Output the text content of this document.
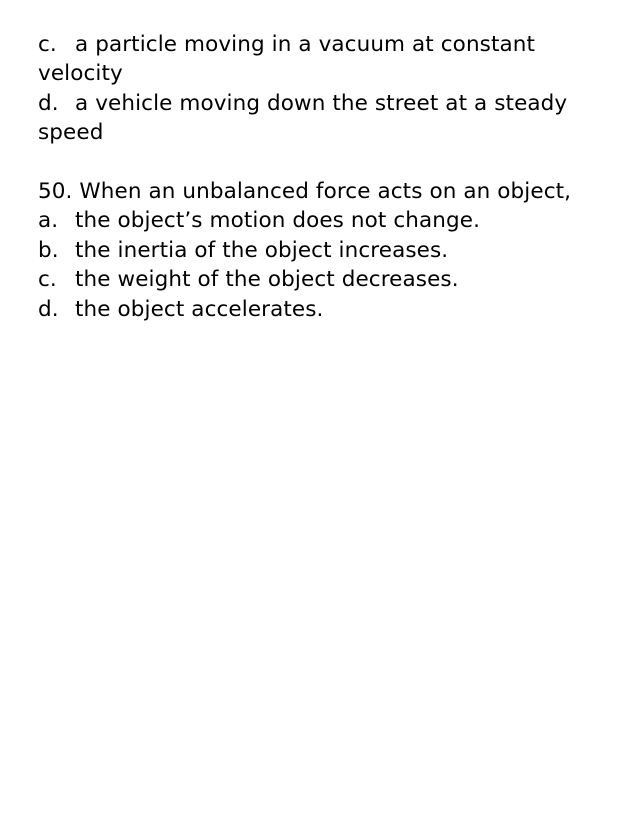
c. a particle moving in a vacuum at constant
velocity
d. a vehicle moving down the street at a steady
speed
50. When an unbalanced force acts on an object,
a. the object’s motion does not change.
b. the inertia of the object increases.
c. the weight of the object decreases.
d. the object accelerates.
